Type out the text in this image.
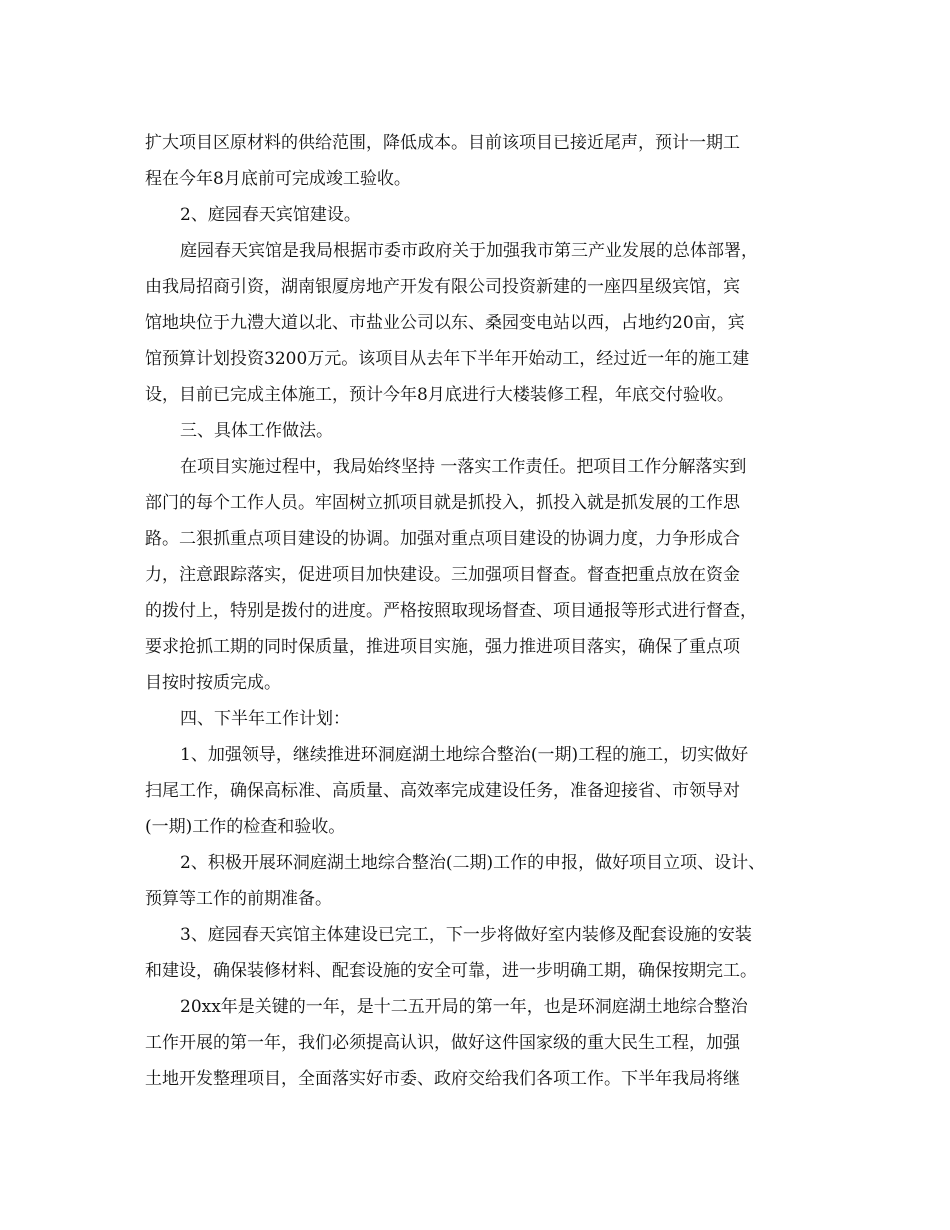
扩大项目区原材料的供给范围，降低成本。目前该项目已接近尾声，预计一期工
程在今年8月底前可完成竣工验收。
2、庭园春天宾馆建设。
庭园春天宾馆是我局根据市委市政府关于加强我市第三产业发展的总体部署，
由我局招商引资，湖南银厦房地产开发有限公司投资新建的一座四星级宾馆，宾
馆地块位于九澧大道以北、市盐业公司以东、桑园变电站以西，占地约20亩，宾
馆预算计划投资3200万元。该项目从去年下半年开始动工，经过近一年的施工建
设，目前已完成主体施工，预计今年8月底进行大楼装修工程，年底交付验收。
三、具体工作做法。
在项目实施过程中，我局始终坚持 一落实工作责任。把项目工作分解落实到
部门的每个工作人员。牢固树立抓项目就是抓投入，抓投入就是抓发展的工作思
路。二狠抓重点项目建设的协调。加强对重点项目建设的协调力度，力争形成合
力，注意跟踪落实，促进项目加快建设。三加强项目督查。督查把重点放在资金
的拨付上，特别是拨付的进度。严格按照取现场督查、项目通报等形式进行督查，
要求抢抓工期的同时保质量，推进项目实施，强力推进项目落实，确保了重点项
目按时按质完成。
四、下半年工作计划：
1、加强领导，继续推进环洞庭湖土地综合整治(一期)工程的施工，切实做好
扫尾工作，确保高标准、高质量、高效率完成建设任务，准备迎接省、市领导对
(一期)工作的检查和验收。
2、积极开展环洞庭湖土地综合整治(二期)工作的申报，做好项目立项、设计、
预算等工作的前期准备。
3、庭园春天宾馆主体建设已完工，下一步将做好室内装修及配套设施的安装
和建设，确保装修材料、配套设施的安全可靠，进一步明确工期，确保按期完工。
20xx年是关键的一年，是十二五开局的第一年，也是环洞庭湖土地综合整治
工作开展的第一年，我们必须提高认识，做好这件国家级的重大民生工程，加强
土地开发整理项目，全面落实好市委、政府交给我们各项工作。下半年我局将继
